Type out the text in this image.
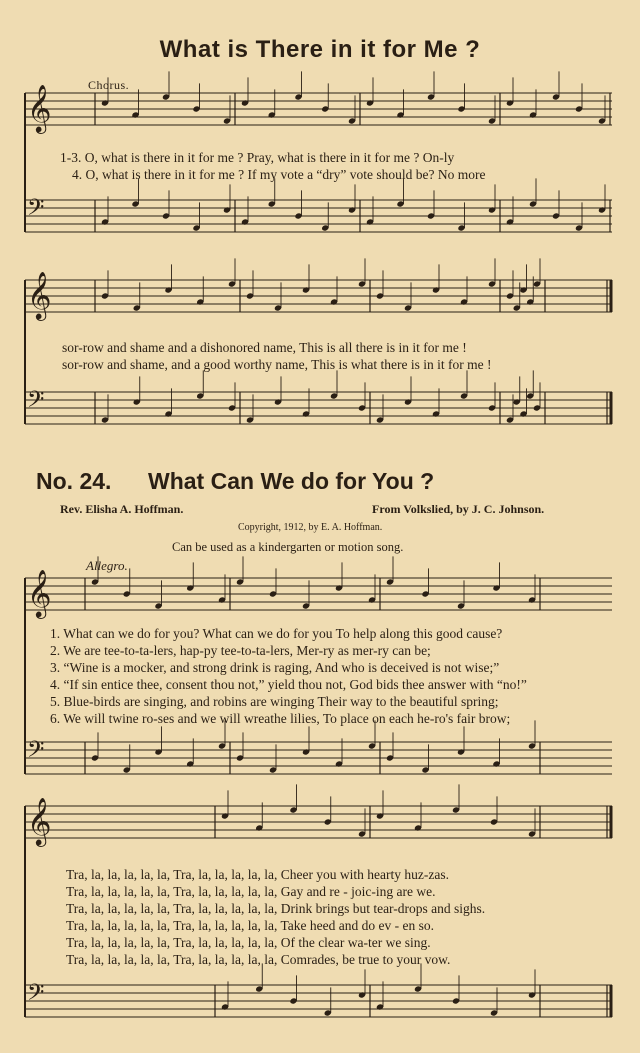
𝄞
𝄢
𝄞
𝄢
𝄞
𝄢
𝄞
𝄢
What is There in it for Me ?
Chorus.
1-3. O, what is there in it for me ? Pray, what is there in it for me ? On-ly
4. O, what is there in it for me ? If my vote a “dry” vote should be? No more
sor-row and shame and a dishonored name, This is all there is in it for me !
sor-row and shame, and a good worthy name, This is what there is in it for me !
No. 24. What Can We do for You ?
Rev. Elisha A. Hoffman.	From Volkslied, by J. C. Johnson.
Copyright, 1912, by E. A. Hoffman.
Can be used as a kindergarten or motion song.
Allegro.
1. What can we do for you? What can we do for you To help along this good cause?
2. We are tee-to-ta-lers, hap-py tee-to-ta-lers, Mer-ry as mer-ry can be;
3. “Wine is a mocker, and strong drink is raging, And who is deceived is not wise;”
4. “If sin entice thee, consent thou not,” yield thou not, God bids thee answer with “no!”
5. Blue-birds are singing, and robins are winging Their way to the beautiful spring;
6. We will twine ro-ses and we will wreathe lilies, To place on each he-ro's fair brow;
Tra, la, la, la, la, la, Tra, la, la, la, la, la, Cheer you with hearty huz-zas.
Tra, la, la, la, la, la, Tra, la, la, la, la, la, Gay and re - joic-ing are we.
Tra, la, la, la, la, la, Tra, la, la, la, la, la, Drink brings but tear-drops and sighs.
Tra, la, la, la, la, la, Tra, la, la, la, la, la, Take heed and do ev - en so.
Tra, la, la, la, la, la, Tra, la, la, la, la, la, Of the clear wa-ter we sing.
Tra, la, la, la, la, la, Tra, la, la, la, la, la, Comrades, be true to your vow.
